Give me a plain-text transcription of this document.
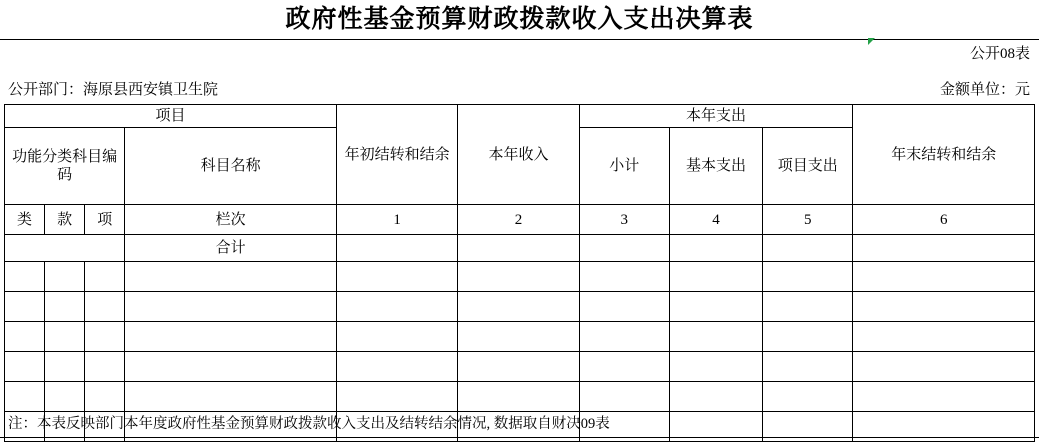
政府性基金预算财政拨款收入支出决算表
公开08表
公开部门：海原县西安镇卫生院	金额单位：元
项目				年初结转和结余	本年收入	本年支出			年末结转和结余
功能分类科目编码			科目名称			小计	基本支出	项目支出	
类	款	项	栏次	1	2	3	4	5	6
			合计						

注：本表反映部门本年度政府性基金预算财政拨款收入支出及结转结余情况, 数据取自财决09表
